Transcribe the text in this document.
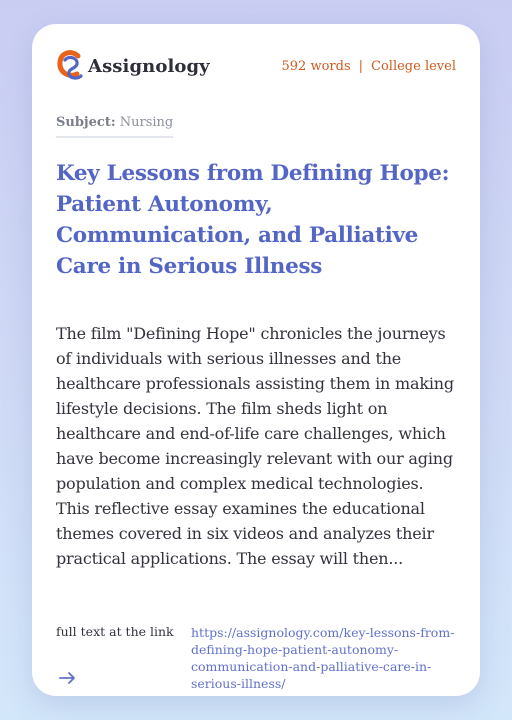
Assignology	592 words | College level
Subject: Nursing
Key Lessons from Defining Hope: Patient Autonomy, Communication, and Palliative Care in Serious Illness

The film "Defining Hope" chronicles the journeys of individuals with serious illnesses and the healthcare professionals assisting them in making lifestyle decisions. The film sheds light on healthcare and end-of-life care challenges, which have become increasingly relevant with our aging population and complex medical technologies. This reflective essay examines the educational themes covered in six videos and analyzes their practical applications. The essay will then...

full text at the link https://assignology.com/key-lessons-from-defining-hope-patient-autonomy-communication-and-palliative-care-in-serious-illness/
